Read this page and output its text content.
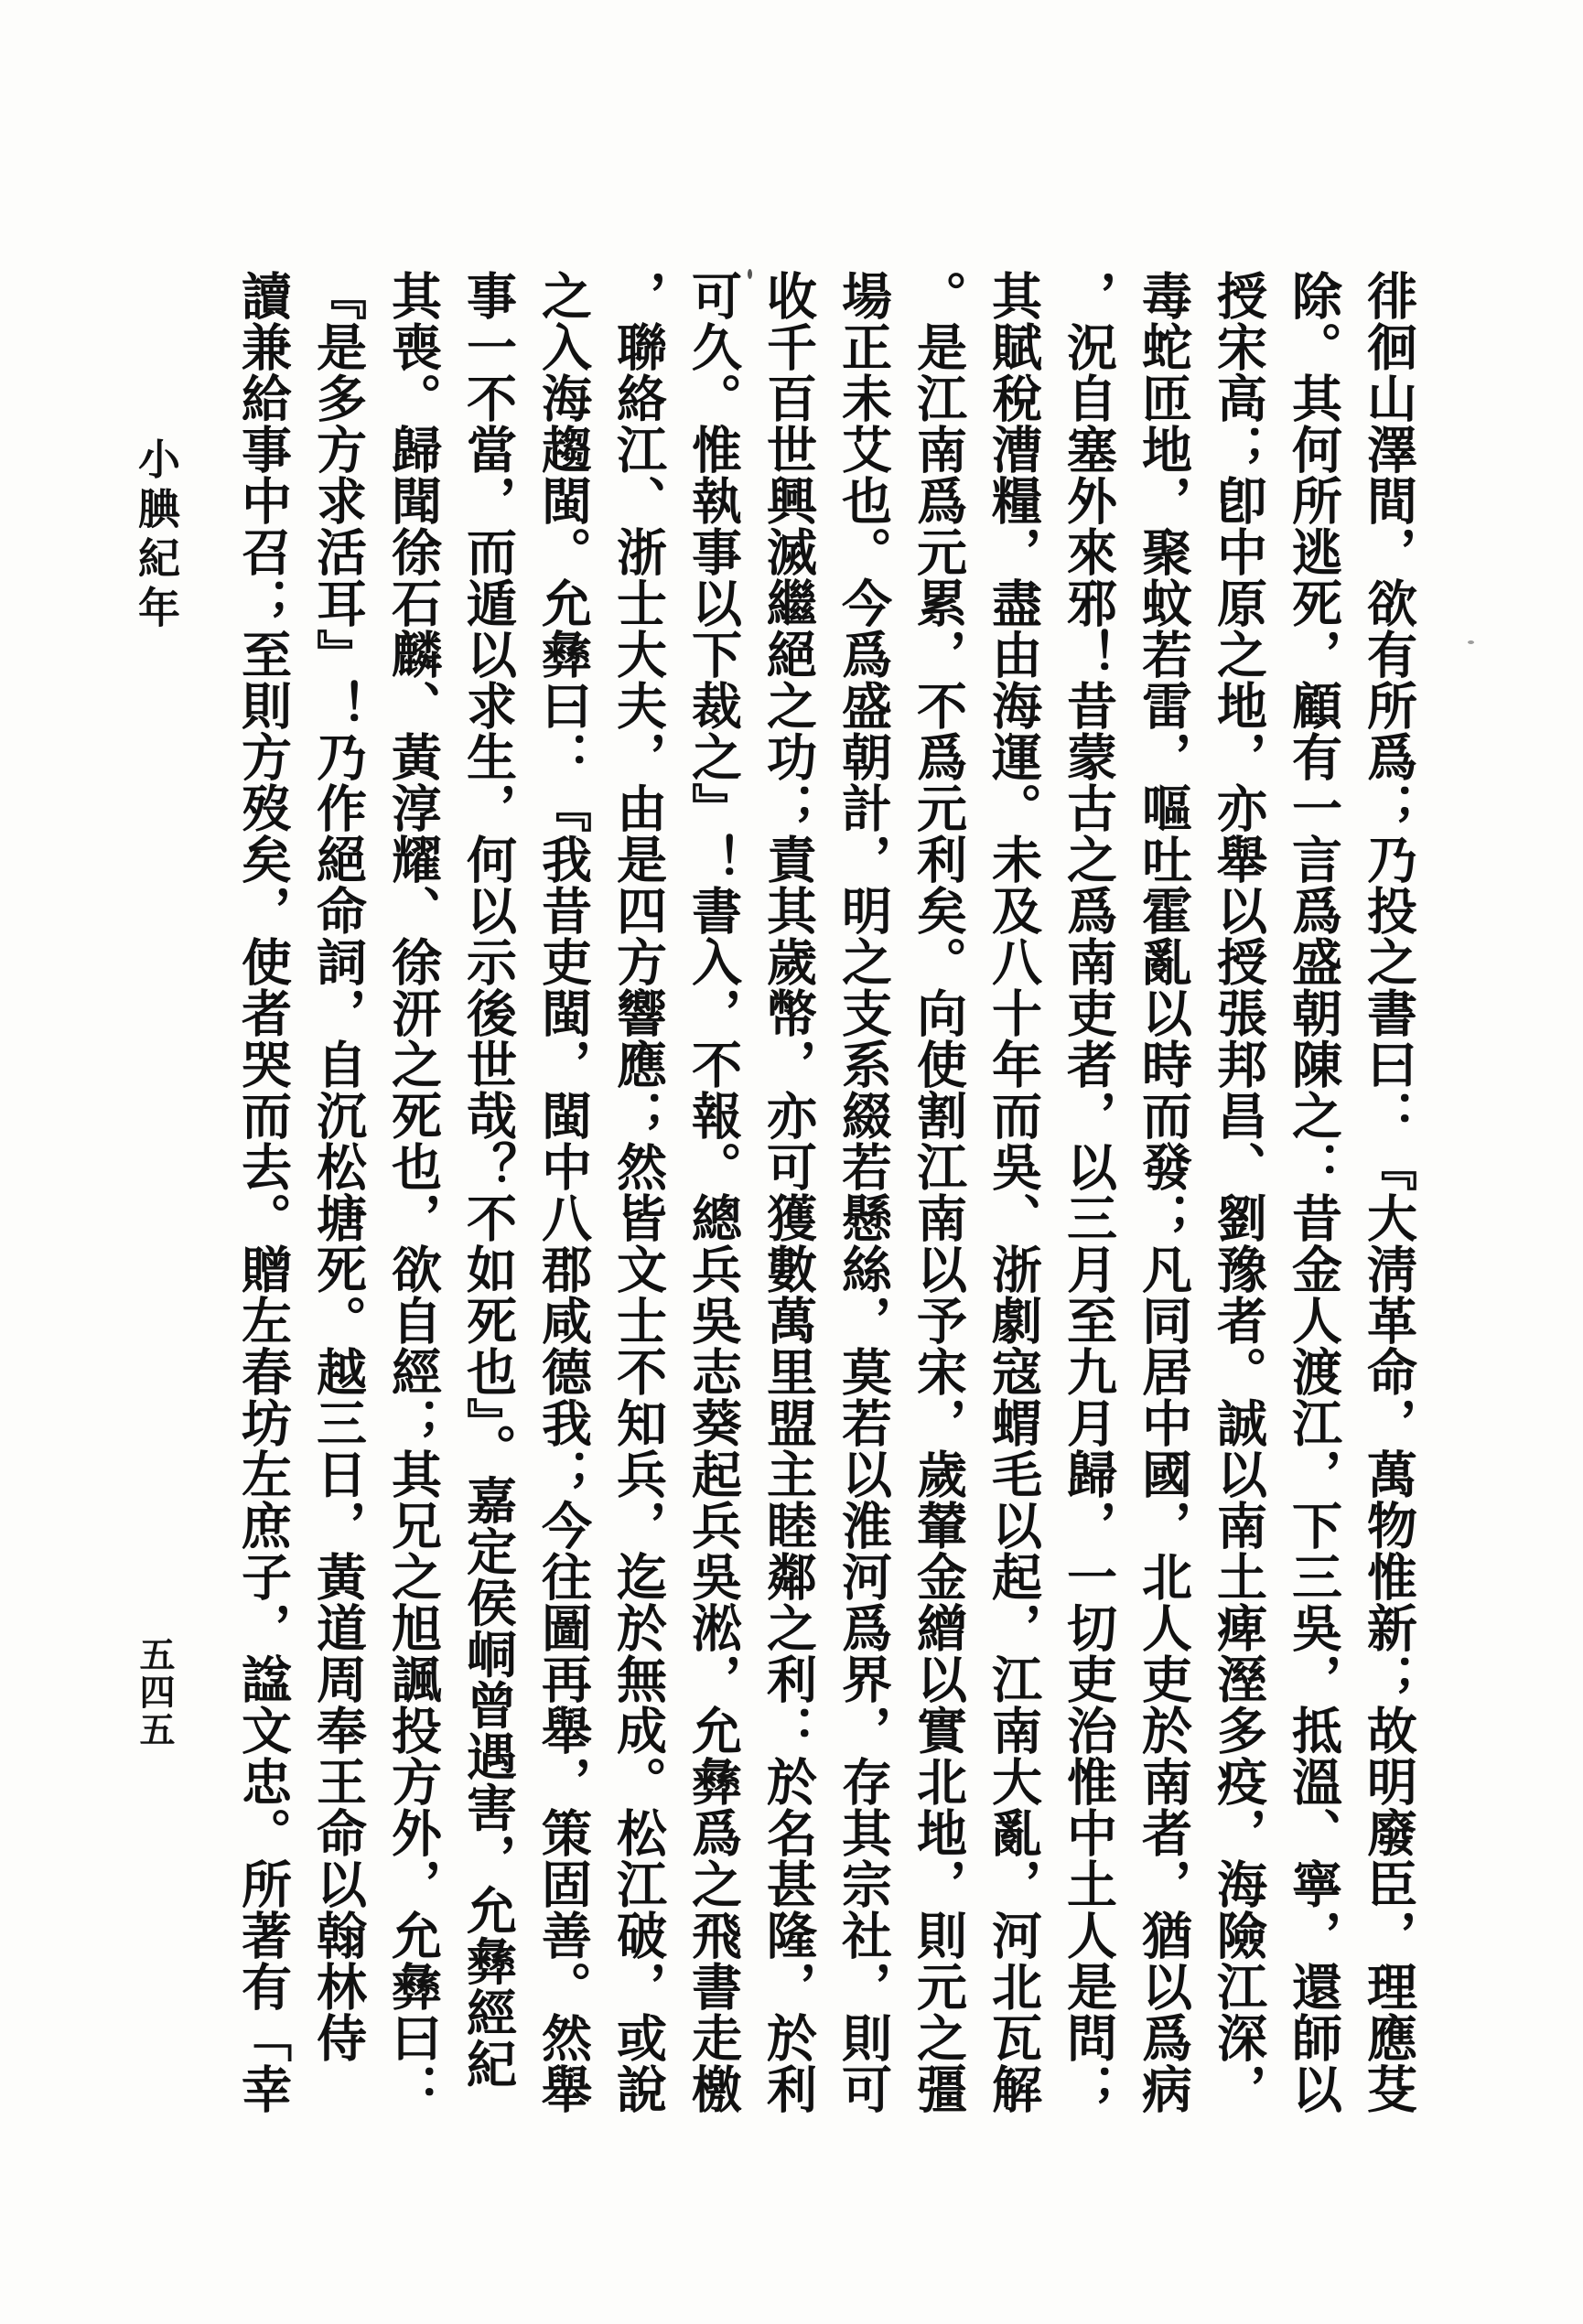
小腆紀年
五四五	徘徊山澤間，欲有所爲；乃投之書曰：『大淸革命，萬物惟新；故明廢臣，理應芟
除。其何所逃死，顧有一言爲盛朝陳之：昔金人渡江，下三吳，抵溫、寧，還師以
授宋高；卽中原之地，亦舉以授張邦昌、劉豫者。誠以南土痺溼多疫，海險江深，
毒蛇匝地，聚蚊若雷，嘔吐霍亂以時而發；凡同居中國，北人吏於南者，猶以爲病
，況自塞外來邪！昔蒙古之爲南吏者，以三月至九月歸，一切吏治惟中土人是問；
其賦稅漕糧，盡由海運。未及八十年而吳、浙劇寇蝟毛以起，江南大亂，河北瓦解
。是江南爲元累，不爲元利矣。向使割江南以予宋，歲輦金繒以實北地，則元之彊
場正未艾也。今爲盛朝計，明之支系綴若懸絲，莫若以淮河爲界，存其宗社，則可
收千百世興滅繼絕之功；責其歲幣，亦可獲數萬里盟主睦鄰之利：於名甚隆，於利
可久。惟執事以下裁之』！書入，不報。總兵吳志葵起兵吳淞，允彝爲之飛書走檄
，聯絡江、浙士大夫，由是四方響應；然皆文士不知兵，迄於無成。松江破，或說
之入海趨閩。允彝曰：『我昔吏閩，閩中八郡咸德我；今往圖再舉，策固善。然舉
事一不當，而遁以求生，何以示後世哉？不如死也』。嘉定侯峒曾遇害，允彝經紀
其喪。歸聞徐石麟、黃淳耀、徐汧之死也，欲自經；其兄之旭諷投方外，允彝曰：
『是多方求活耳』！乃作絕命詞，自沉松塘死。越三日，黃道周奉王命以翰林侍
讀兼給事中召；至則方歿矣，使者哭而去。贈左春坊左庶子，諡文忠。所著有「幸
